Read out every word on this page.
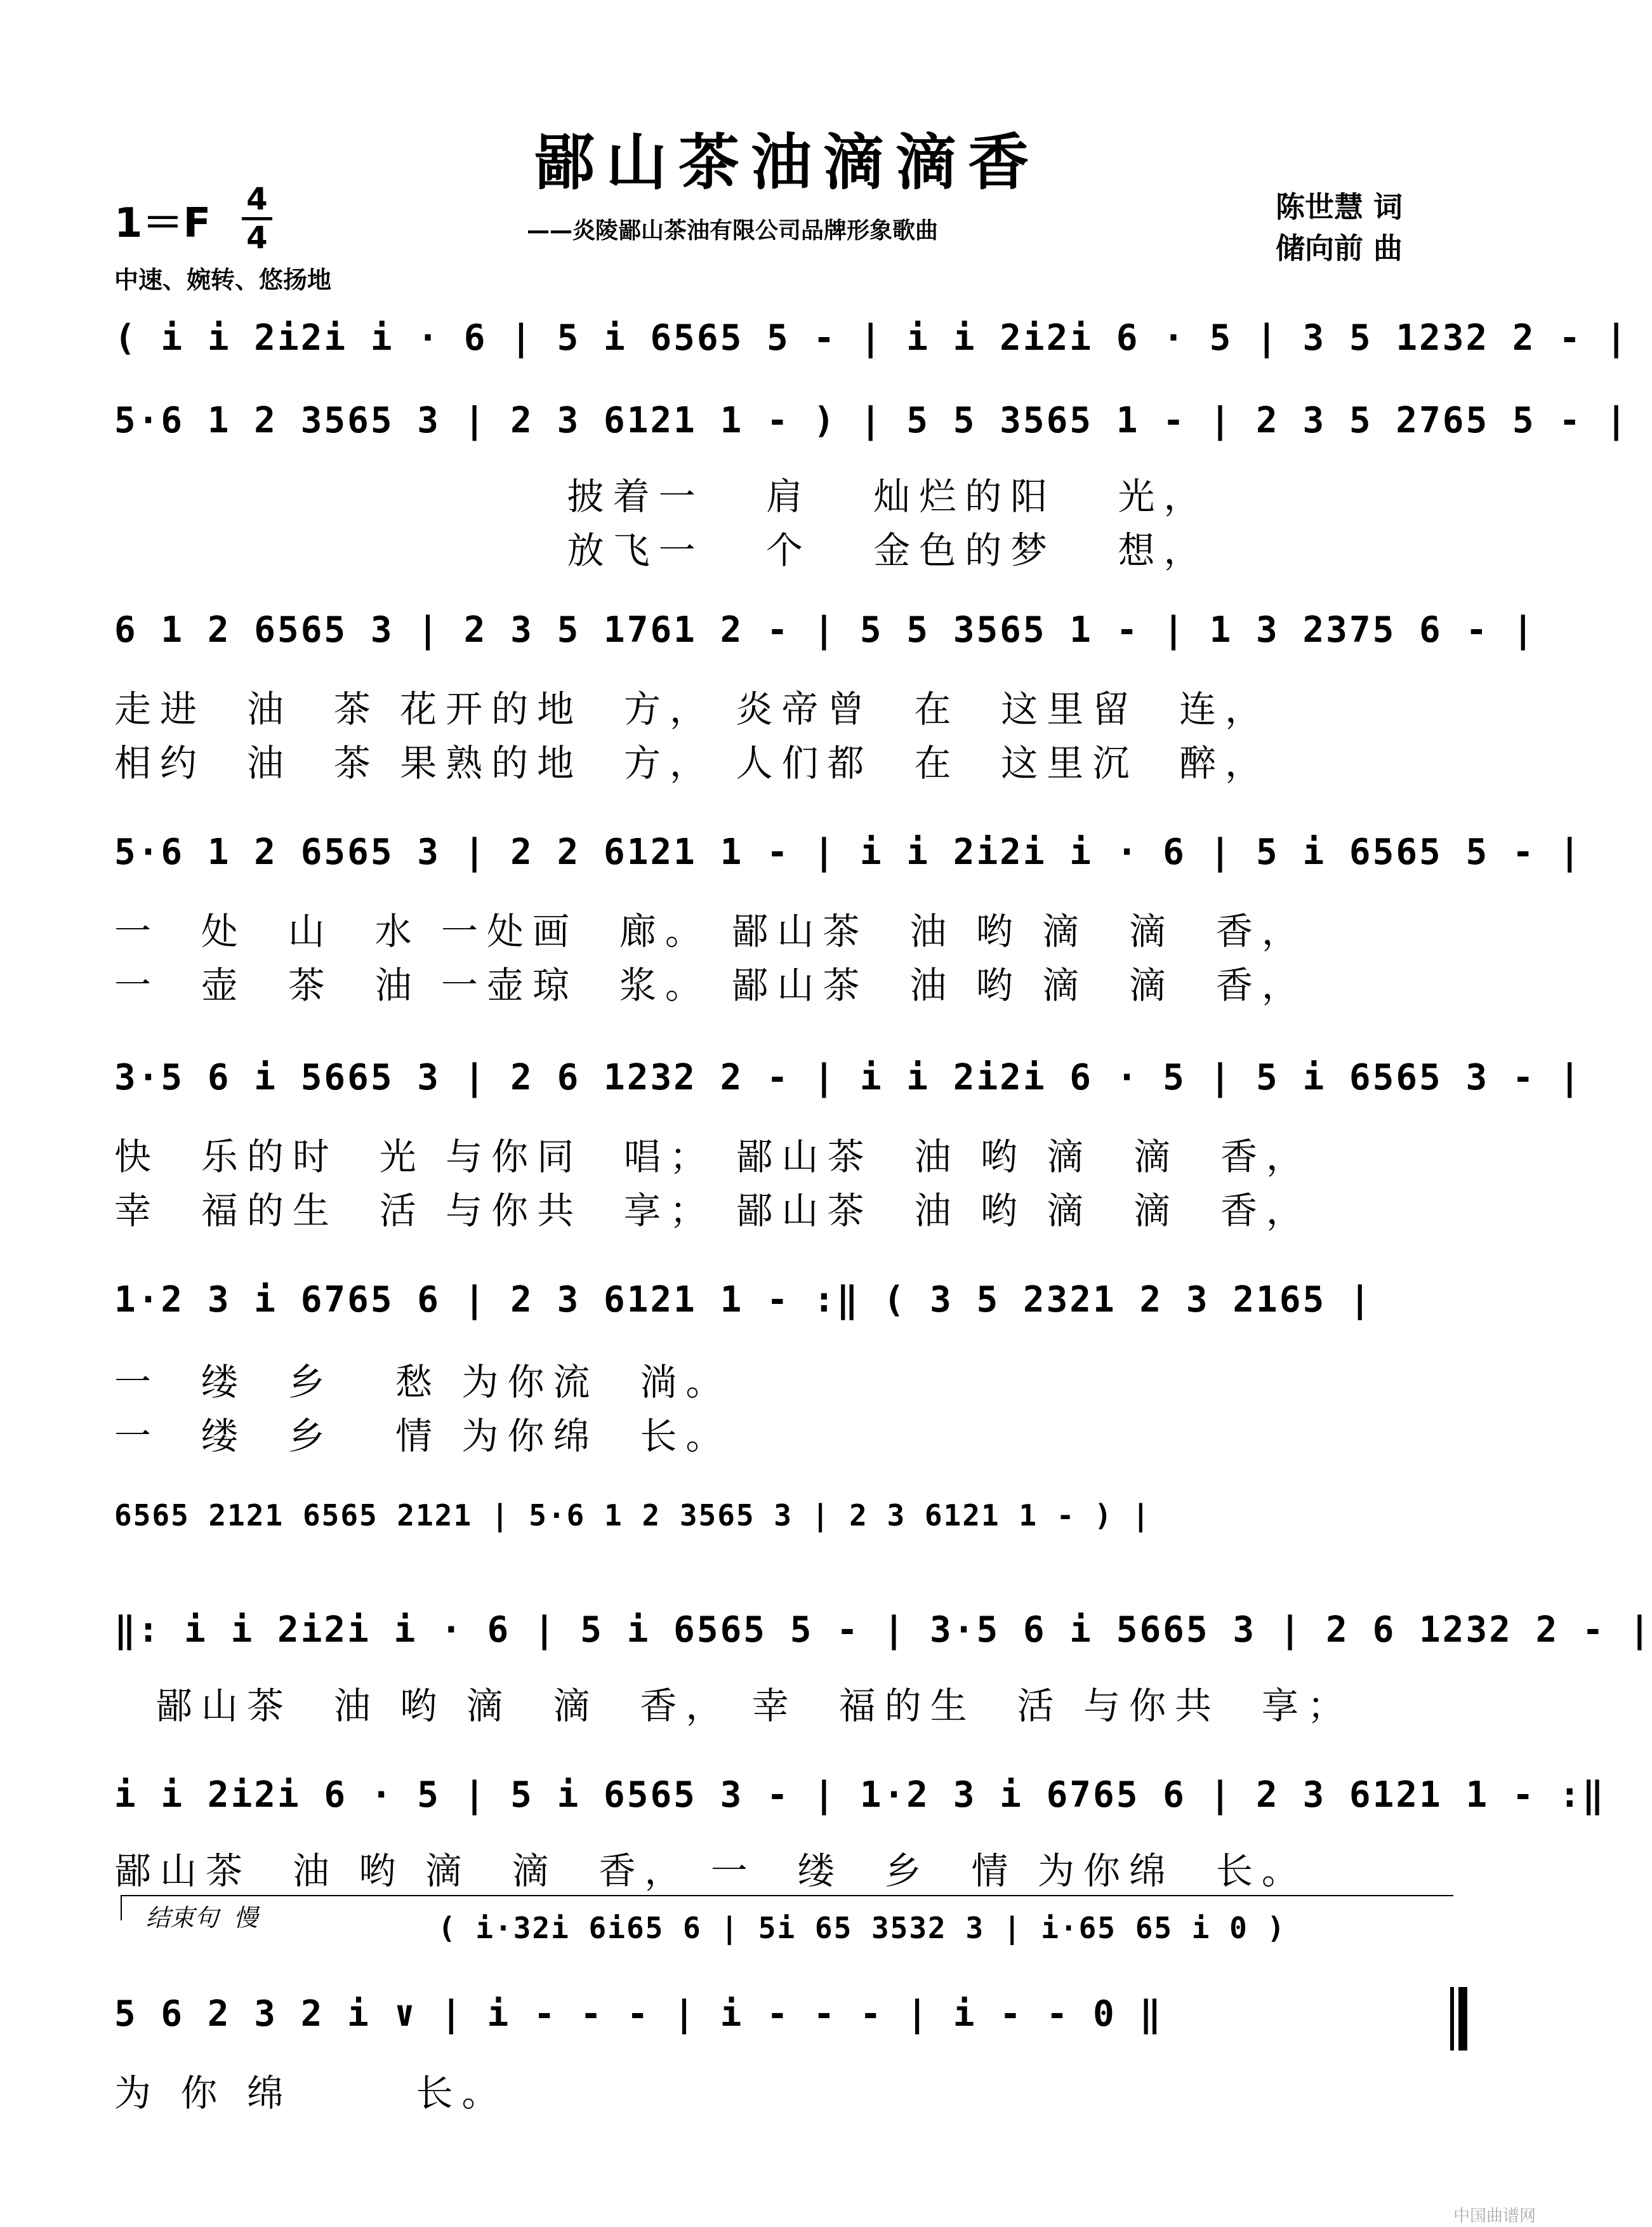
鄙山茶油滴滴香
1＝F
4
4	——炎陵鄙山茶油有限公司品牌形象歌曲
陈世慧 词
储向前 曲
中速、婉转、悠扬地
( i i 2i2i i · 6 | 5 i 6565 5 - | i i 2i2i 6 · 5 | 3 5 1232 2 - |
5·6 1 2 3565 3 | 2 3 6121 1 - ) | 5 5 3565 1 - | 2 3 5 2765 5 - |
披着一   肩   灿烂的阳   光，
放飞一   个   金色的梦   想，
6 1 2 6565 3 | 2 3 5 1761 2 - | 5 5 3565 1 - | 1 3 2375 6 - |
走进  油  茶 花开的地  方， 炎帝曾  在  这里留  连，
相约  油  茶 果熟的地  方， 人们都  在  这里沉  醉，
5·6 1 2 6565 3 | 2 2 6121 1 - | i i 2i2i i · 6 | 5 i 6565 5 - |
一  处  山  水 一处画  廊。 鄙山茶  油 哟 滴  滴  香，
一  壶  茶  油 一壶琼  浆。 鄙山茶  油 哟 滴  滴  香，
3·5 6 i 5665 3 | 2 6 1232 2 - | i i 2i2i 6 · 5 | 5 i 6565 3 - |
快  乐的时  光 与你同  唱； 鄙山茶  油 哟 滴  滴  香，
幸  福的生  活 与你共  享； 鄙山茶  油 哟 滴  滴  香，
1·2 3 i 6765 6 | 2 3 6121 1 - :‖ ( 3 5 2321 2 3 2165 |
一  缕  乡   愁 为你流  淌。
一  缕  乡   情 为你绵  长。
6565 2121 6565 2121 | 5·6 1 2 3565 3 | 2 3 6121 1 - ) |
‖: i i 2i2i i · 6 | 5 i 6565 5 - | 3·5 6 i 5665 3 | 2 6 1232 2 - |
鄙山茶  油 哟 滴  滴  香， 幸  福的生  活 与你共  享；
i i 2i2i 6 · 5 | 5 i 6565 3 - | 1·2 3 i 6765 6 | 2 3 6121 1 - :‖
鄙山茶  油 哟 滴  滴  香， 一  缕  乡  情 为你绵  长。
结束句  慢	( i·32i 6i65 6 | 5i 65 3532 3 | i·65 65 i 0 )
5 6 2 3 2 i ∨ | i - - - | i - - - | i - - 0 ‖
为 你 绵      长。
中国曲谱网
